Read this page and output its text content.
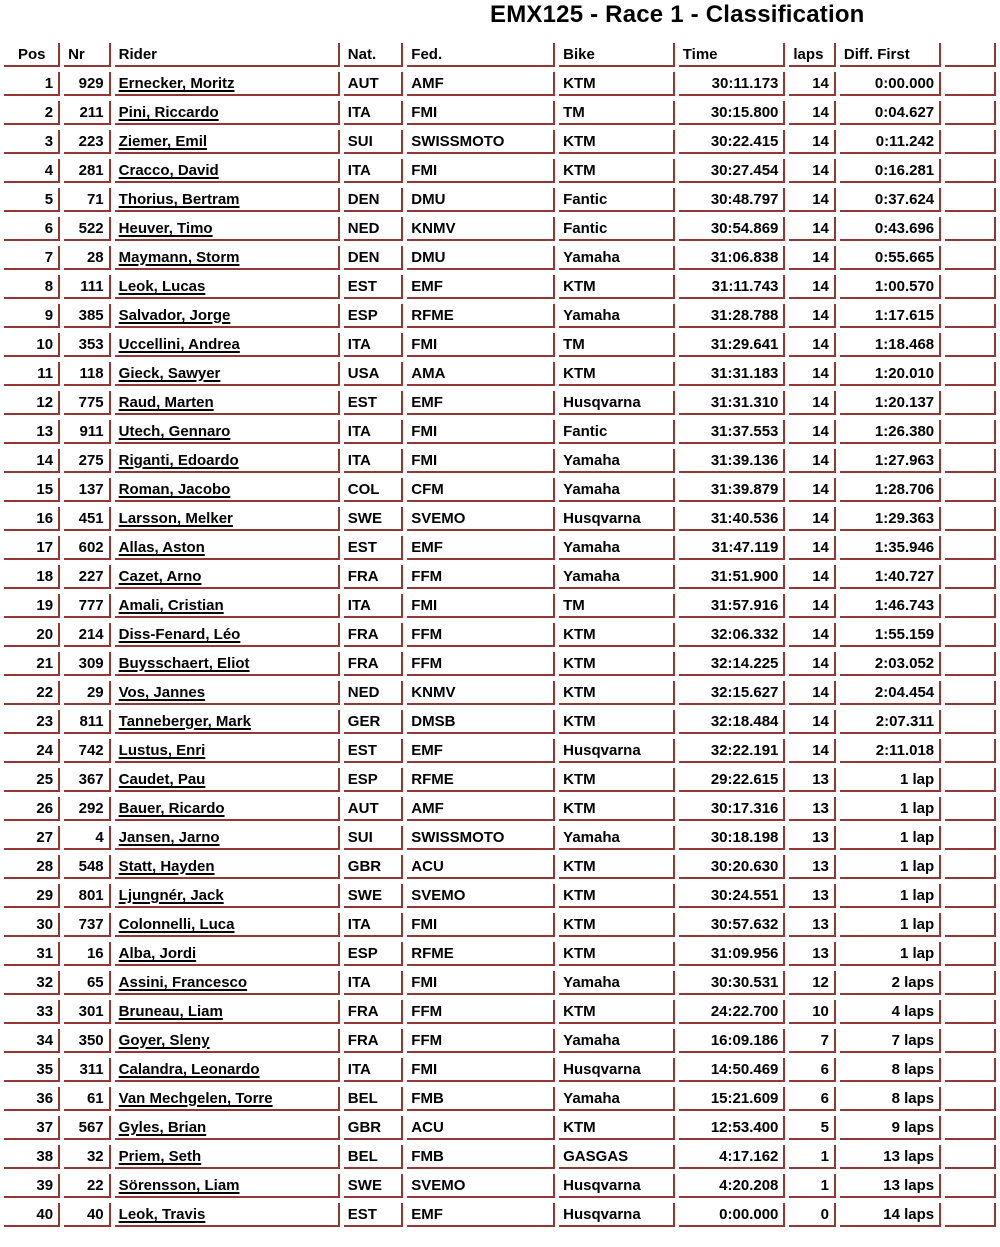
EMX125 - Race 1 - Classification
Pos	Nr	Rider	Nat.	Fed.	Bike	Time	laps	Diff. First	
1	929	Ernecker, Moritz	AUT	AMF	KTM	30:11.173	14	0:00.000	
2	211	Pini, Riccardo	ITA	FMI	TM	30:15.800	14	0:04.627	
3	223	Ziemer, Emil	SUI	SWISSMOTO	KTM	30:22.415	14	0:11.242	
4	281	Cracco, David	ITA	FMI	KTM	30:27.454	14	0:16.281	
5	71	Thorius, Bertram	DEN	DMU	Fantic	30:48.797	14	0:37.624	
6	522	Heuver, Timo	NED	KNMV	Fantic	30:54.869	14	0:43.696	
7	28	Maymann, Storm	DEN	DMU	Yamaha	31:06.838	14	0:55.665	
8	111	Leok, Lucas	EST	EMF	KTM	31:11.743	14	1:00.570	
9	385	Salvador, Jorge	ESP	RFME	Yamaha	31:28.788	14	1:17.615	
10	353	Uccellini, Andrea	ITA	FMI	TM	31:29.641	14	1:18.468	
11	118	Gieck, Sawyer	USA	AMA	KTM	31:31.183	14	1:20.010	
12	775	Raud, Marten	EST	EMF	Husqvarna	31:31.310	14	1:20.137	
13	911	Utech, Gennaro	ITA	FMI	Fantic	31:37.553	14	1:26.380	
14	275	Riganti, Edoardo	ITA	FMI	Yamaha	31:39.136	14	1:27.963	
15	137	Roman, Jacobo	COL	CFM	Yamaha	31:39.879	14	1:28.706	
16	451	Larsson, Melker	SWE	SVEMO	Husqvarna	31:40.536	14	1:29.363	
17	602	Allas, Aston	EST	EMF	Yamaha	31:47.119	14	1:35.946	
18	227	Cazet, Arno	FRA	FFM	Yamaha	31:51.900	14	1:40.727	
19	777	Amali, Cristian	ITA	FMI	TM	31:57.916	14	1:46.743	
20	214	Diss-Fenard, Léo	FRA	FFM	KTM	32:06.332	14	1:55.159	
21	309	Buysschaert, Eliot	FRA	FFM	KTM	32:14.225	14	2:03.052	
22	29	Vos, Jannes	NED	KNMV	KTM	32:15.627	14	2:04.454	
23	811	Tanneberger, Mark	GER	DMSB	KTM	32:18.484	14	2:07.311	
24	742	Lustus, Enri	EST	EMF	Husqvarna	32:22.191	14	2:11.018	
25	367	Caudet, Pau	ESP	RFME	KTM	29:22.615	13	1 lap	
26	292	Bauer, Ricardo	AUT	AMF	KTM	30:17.316	13	1 lap	
27	4	Jansen, Jarno	SUI	SWISSMOTO	Yamaha	30:18.198	13	1 lap	
28	548	Statt, Hayden	GBR	ACU	KTM	30:20.630	13	1 lap	
29	801	Ljungnér, Jack	SWE	SVEMO	KTM	30:24.551	13	1 lap	
30	737	Colonnelli, Luca	ITA	FMI	KTM	30:57.632	13	1 lap	
31	16	Alba, Jordi	ESP	RFME	KTM	31:09.956	13	1 lap	
32	65	Assini, Francesco	ITA	FMI	Yamaha	30:30.531	12	2 laps	
33	301	Bruneau, Liam	FRA	FFM	KTM	24:22.700	10	4 laps	
34	350	Goyer, Sleny	FRA	FFM	Yamaha	16:09.186	7	7 laps	
35	311	Calandra, Leonardo	ITA	FMI	Husqvarna	14:50.469	6	8 laps	
36	61	Van Mechgelen, Torre	BEL	FMB	Yamaha	15:21.609	6	8 laps	
37	567	Gyles, Brian	GBR	ACU	KTM	12:53.400	5	9 laps	
38	32	Priem, Seth	BEL	FMB	GASGAS	4:17.162	1	13 laps	
39	22	Sörensson, Liam	SWE	SVEMO	Husqvarna	4:20.208	1	13 laps	
40	40	Leok, Travis	EST	EMF	Husqvarna	0:00.000	0	14 laps	
